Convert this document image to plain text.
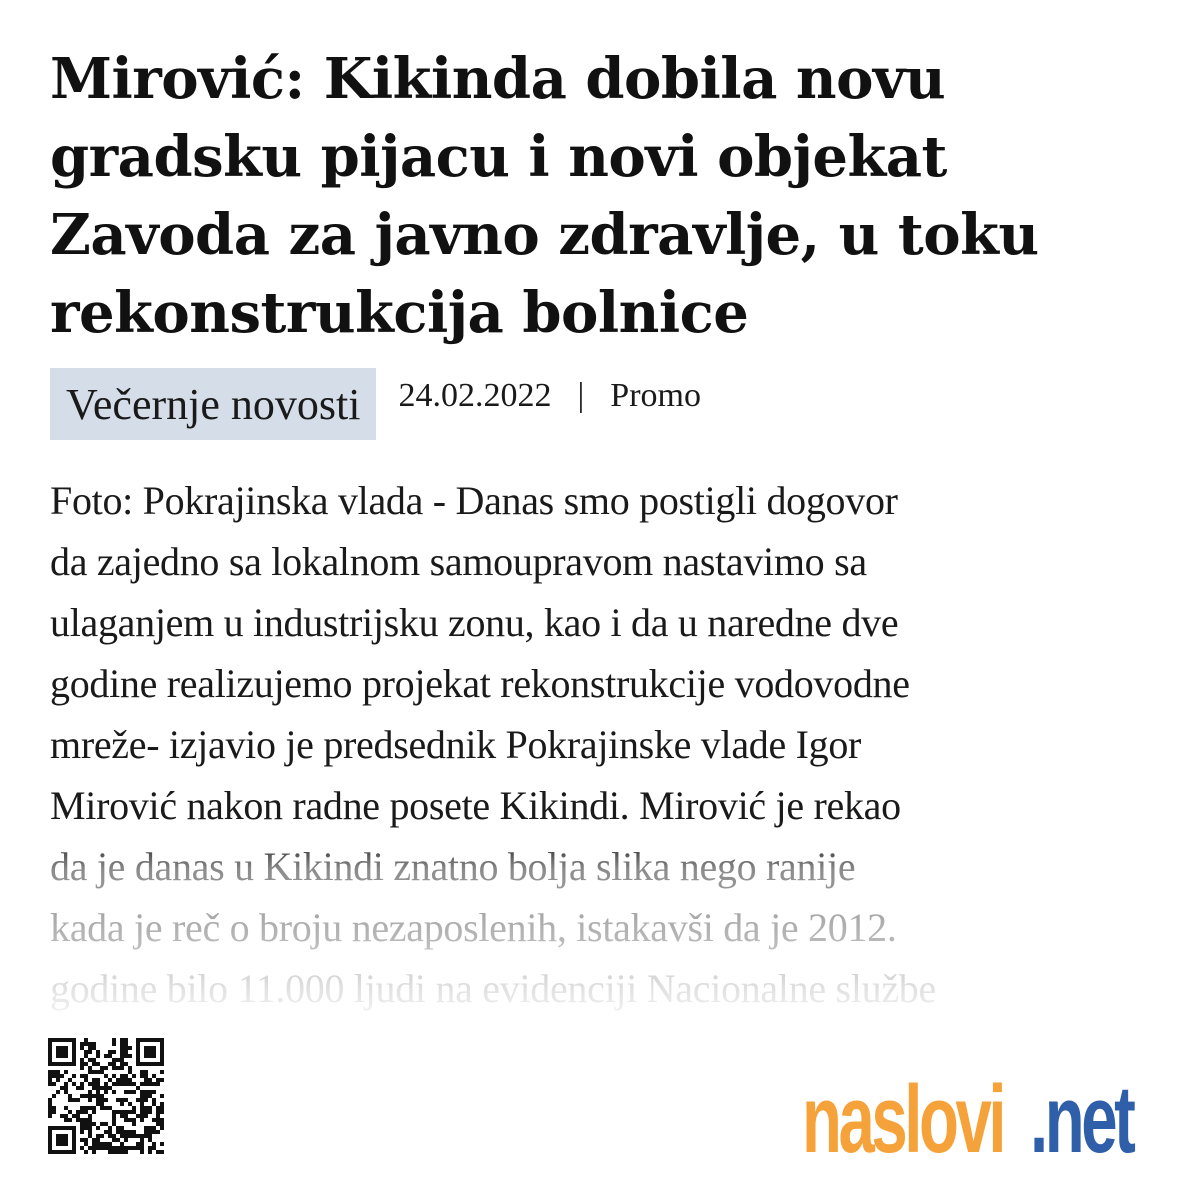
Mirović: Kikinda dobila novu gradsku pijacu i novi objekat Zavoda za javno zdravlje, u toku rekonstrukcija bolnice
Večernje novosti	24.02.2022 | Promo

Foto: Pokrajinska vlada - Danas smo postigli dogovor
da zajedno sa lokalnom samoupravom nastavimo sa
ulaganjem u industrijsku zonu, kao i da u naredne dve
godine realizujemo projekat rekonstrukcije vodovodne
mreže- izjavio je predsednik Pokrajinske vlade Igor
Mirović nakon radne posete Kikindi. Mirović je rekao
da je danas u Kikindi znatno bolja slika nego ranije
kada je reč o broju nezaposlenih, istakavši da je 2012.
godine bilo 11.000 ljudi na evidenciji Nacionalne službe

naslovi .net
